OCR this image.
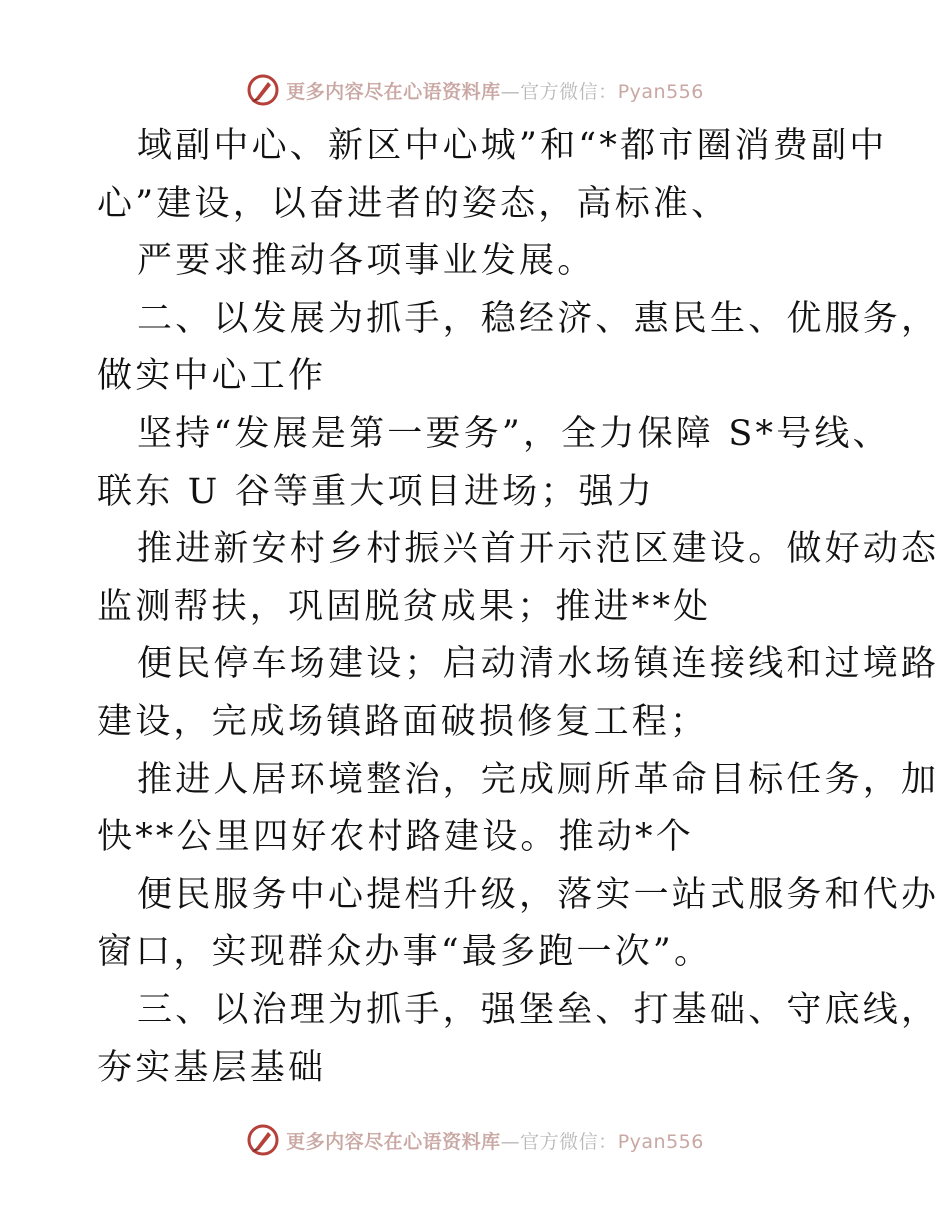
更多内容尽在心语资料库—官方微信：Pyan556
域副中心、新区中心城”和“*都市圈消费副中
心”建设，以奋进者的姿态，高标准、
严要求推动各项事业发展。
二、以发展为抓手，稳经济、惠民生、优服务，
做实中心工作
坚持“发展是第一要务”，全力保障 S*号线、
联东 U 谷等重大项目进场；强力
推进新安村乡村振兴首开示范区建设。做好动态
监测帮扶，巩固脱贫成果；推进**处
便民停车场建设；启动清水场镇连接线和过境路
建设，完成场镇路面破损修复工程；
推进人居环境整治，完成厕所革命目标任务，加
快**公里四好农村路建设。推动*个
便民服务中心提档升级，落实一站式服务和代办
窗口，实现群众办事“最多跑一次”。
三、以治理为抓手，强堡垒、打基础、守底线，
夯实基层基础
更多内容尽在心语资料库—官方微信：Pyan556
